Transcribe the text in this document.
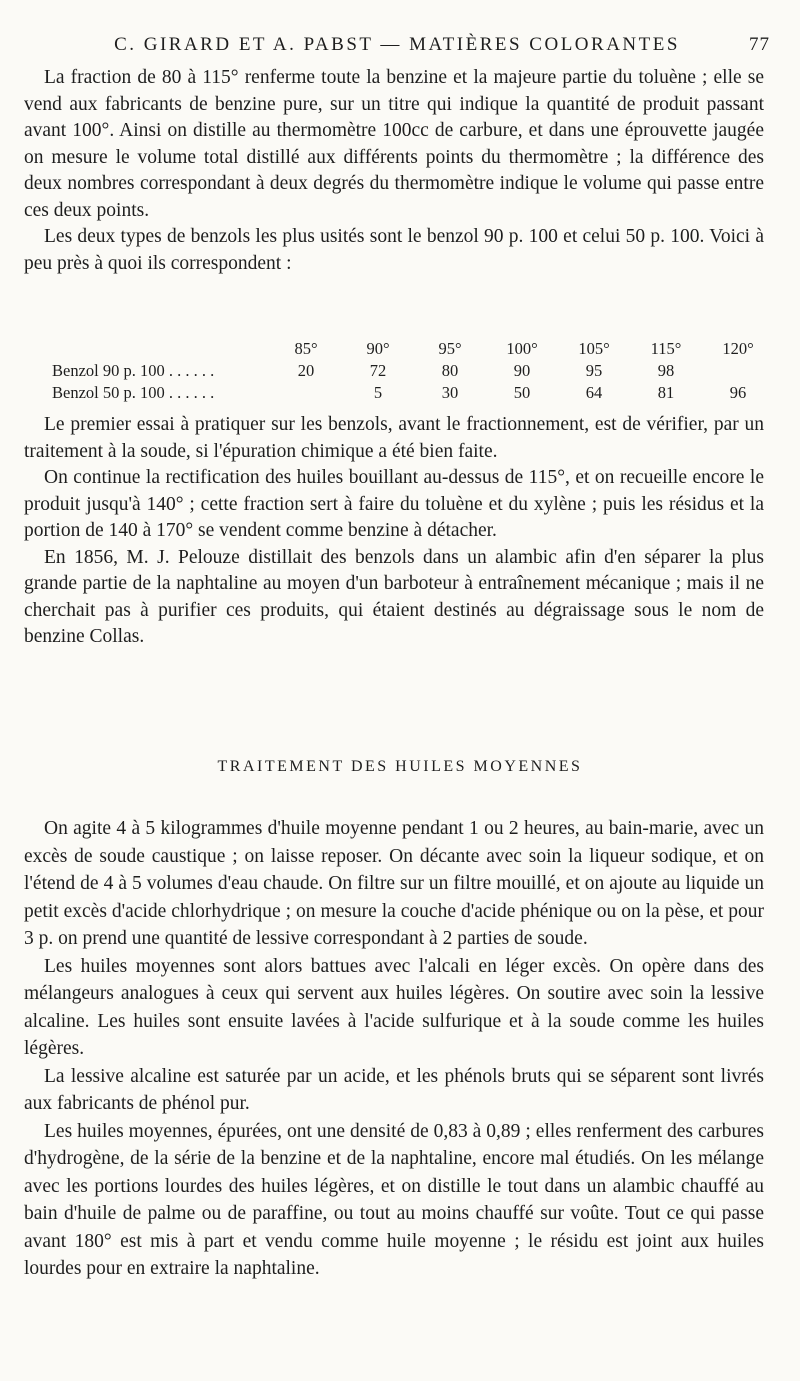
C. GIRARD ET A. PABST — MATIÈRES COLORANTES	77

La fraction de 80 à 115° renferme toute la benzine et la majeure partie du toluène ; elle se vend aux fabricants de benzine pure, sur un titre qui indique la quantité de produit passant avant 100°. Ainsi on distille au thermomètre 100cc de carbure, et dans une éprouvette jaugée on mesure le volume total distillé aux différents points du thermomètre ; la différence des deux nombres correspondant à deux degrés du thermomètre indique le volume qui passe entre ces deux points.

Les deux types de benzols les plus usités sont le benzol 90 p. 100 et celui 50 p. 100. Voici à peu près à quoi ils correspondent :

	85°	90°	95°	100°	105°	115°	120°
Benzol 90 p. 100 . . . . . .	20	72	80	90	95	98	
Benzol 50 p. 100 . . . . . .		5	30	50	64	81	96

Le premier essai à pratiquer sur les benzols, avant le fractionnement, est de vérifier, par un traitement à la soude, si l'épuration chimique a été bien faite.

On continue la rectification des huiles bouillant au-dessus de 115°, et on recueille encore le produit jusqu'à 140° ; cette fraction sert à faire du toluène et du xylène ; puis les résidus et la portion de 140 à 170° se vendent comme benzine à détacher.

En 1856, M. J. Pelouze distillait des benzols dans un alambic afin d'en séparer la plus grande partie de la naphtaline au moyen d'un barboteur à entraînement mécanique ; mais il ne cherchait pas à purifier ces produits, qui étaient destinés au dégraissage sous le nom de benzine Collas.

TRAITEMENT DES HUILES MOYENNES

On agite 4 à 5 kilogrammes d'huile moyenne pendant 1 ou 2 heures, au bain-marie, avec un excès de soude caustique ; on laisse reposer. On décante avec soin la liqueur sodique, et on l'étend de 4 à 5 volumes d'eau chaude. On filtre sur un filtre mouillé, et on ajoute au liquide un petit excès d'acide chlorhydrique ; on mesure la couche d'acide phénique ou on la pèse, et pour 3 p. on prend une quantité de lessive correspondant à 2 parties de soude.

Les huiles moyennes sont alors battues avec l'alcali en léger excès. On opère dans des mélangeurs analogues à ceux qui servent aux huiles légères. On soutire avec soin la lessive alcaline. Les huiles sont ensuite lavées à l'acide sulfurique et à la soude comme les huiles légères.

La lessive alcaline est saturée par un acide, et les phénols bruts qui se séparent sont livrés aux fabricants de phénol pur.

Les huiles moyennes, épurées, ont une densité de 0,83 à 0,89 ; elles renferment des carbures d'hydrogène, de la série de la benzine et de la naphtaline, encore mal étudiés. On les mélange avec les portions lourdes des huiles légères, et on distille le tout dans un alambic chauffé au bain d'huile de palme ou de paraffine, ou tout au moins chauffé sur voûte. Tout ce qui passe avant 180° est mis à part et vendu comme huile moyenne ; le résidu est joint aux huiles lourdes pour en extraire la naphtaline.
